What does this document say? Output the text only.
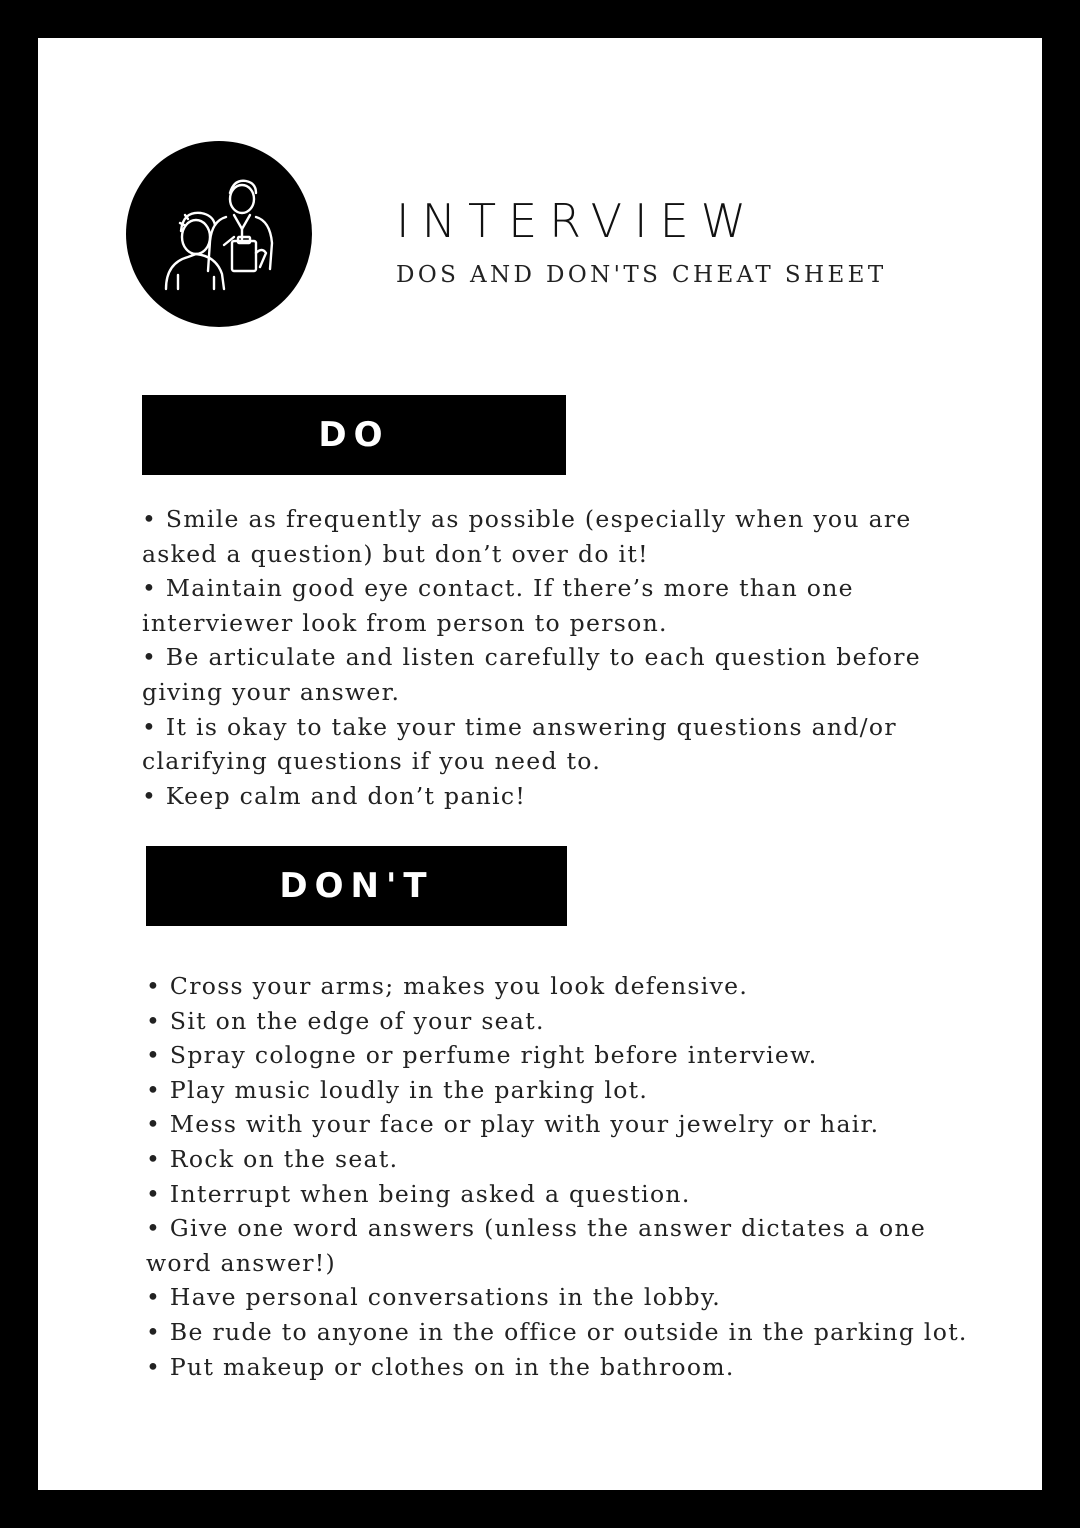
INTERVIEW

DOS AND DON'TS CHEAT SHEET

DO
• Smile as frequently as possible (especially when you are asked a question) but don’t over do it!
• Maintain good eye contact. If there’s more than one interviewer look from person to person.
• Be articulate and listen carefully to each question before giving your answer.
• It is okay to take your time answering questions and/or clarifying questions if you need to.
• Keep calm and don’t panic!
DON'T
• Cross your arms; makes you look defensive.
• Sit on the edge of your seat.
• Spray cologne or perfume right before interview.
• Play music loudly in the parking lot.
• Mess with your face or play with your jewelry or hair.
• Rock on the seat.
• Interrupt when being asked a question.
• Give one word answers (unless the answer dictates a one word answer!)
• Have personal conversations in the lobby.
• Be rude to anyone in the office or outside in the parking lot.
• Put makeup or clothes on in the bathroom.
